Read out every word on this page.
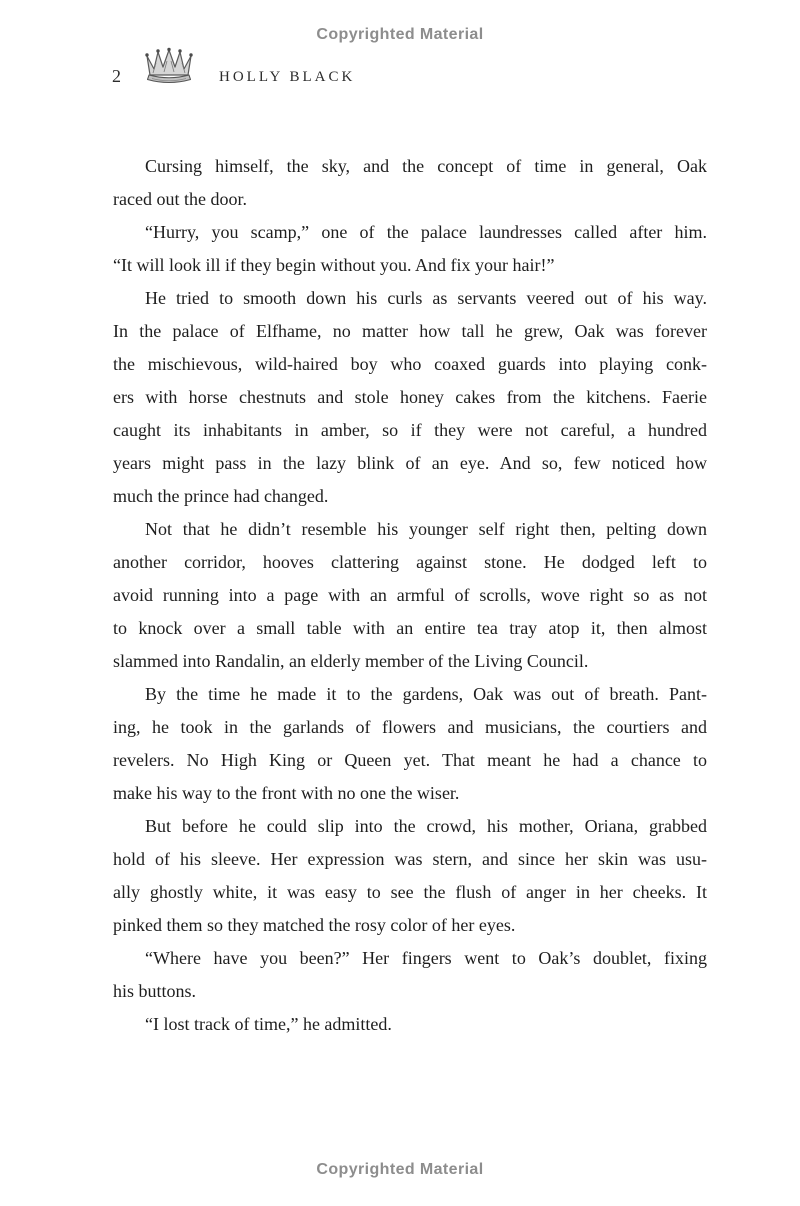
Copyrighted Material
2	HOLLY BLACK
Cursing himself, the sky, and the concept of time in general, Oak
raced out the door.
“Hurry, you scamp,” one of the palace laundresses called after him.
“It will look ill if they begin without you. And fix your hair!”
He tried to smooth down his curls as servants veered out of his way.
In the palace of Elfhame, no matter how tall he grew, Oak was forever
the mischievous, wild-haired boy who coaxed guards into playing conk-
ers with horse chestnuts and stole honey cakes from the kitchens. Faerie
caught its inhabitants in amber, so if they were not careful, a hundred
years might pass in the lazy blink of an eye. And so, few noticed how
much the prince had changed.
Not that he didn’t resemble his younger self right then, pelting down
another corridor, hooves clattering against stone. He dodged left to
avoid running into a page with an armful of scrolls, wove right so as not
to knock over a small table with an entire tea tray atop it, then almost
slammed into Randalin, an elderly member of the Living Council.
By the time he made it to the gardens, Oak was out of breath. Pant-
ing, he took in the garlands of flowers and musicians, the courtiers and
revelers. No High King or Queen yet. That meant he had a chance to
make his way to the front with no one the wiser.
But before he could slip into the crowd, his mother, Oriana, grabbed
hold of his sleeve. Her expression was stern, and since her skin was usu-
ally ghostly white, it was easy to see the flush of anger in her cheeks. It
pinked them so they matched the rosy color of her eyes.
“Where have you been?” Her fingers went to Oak’s doublet, fixing
his buttons.
“I lost track of time,” he admitted.
Copyrighted Material
